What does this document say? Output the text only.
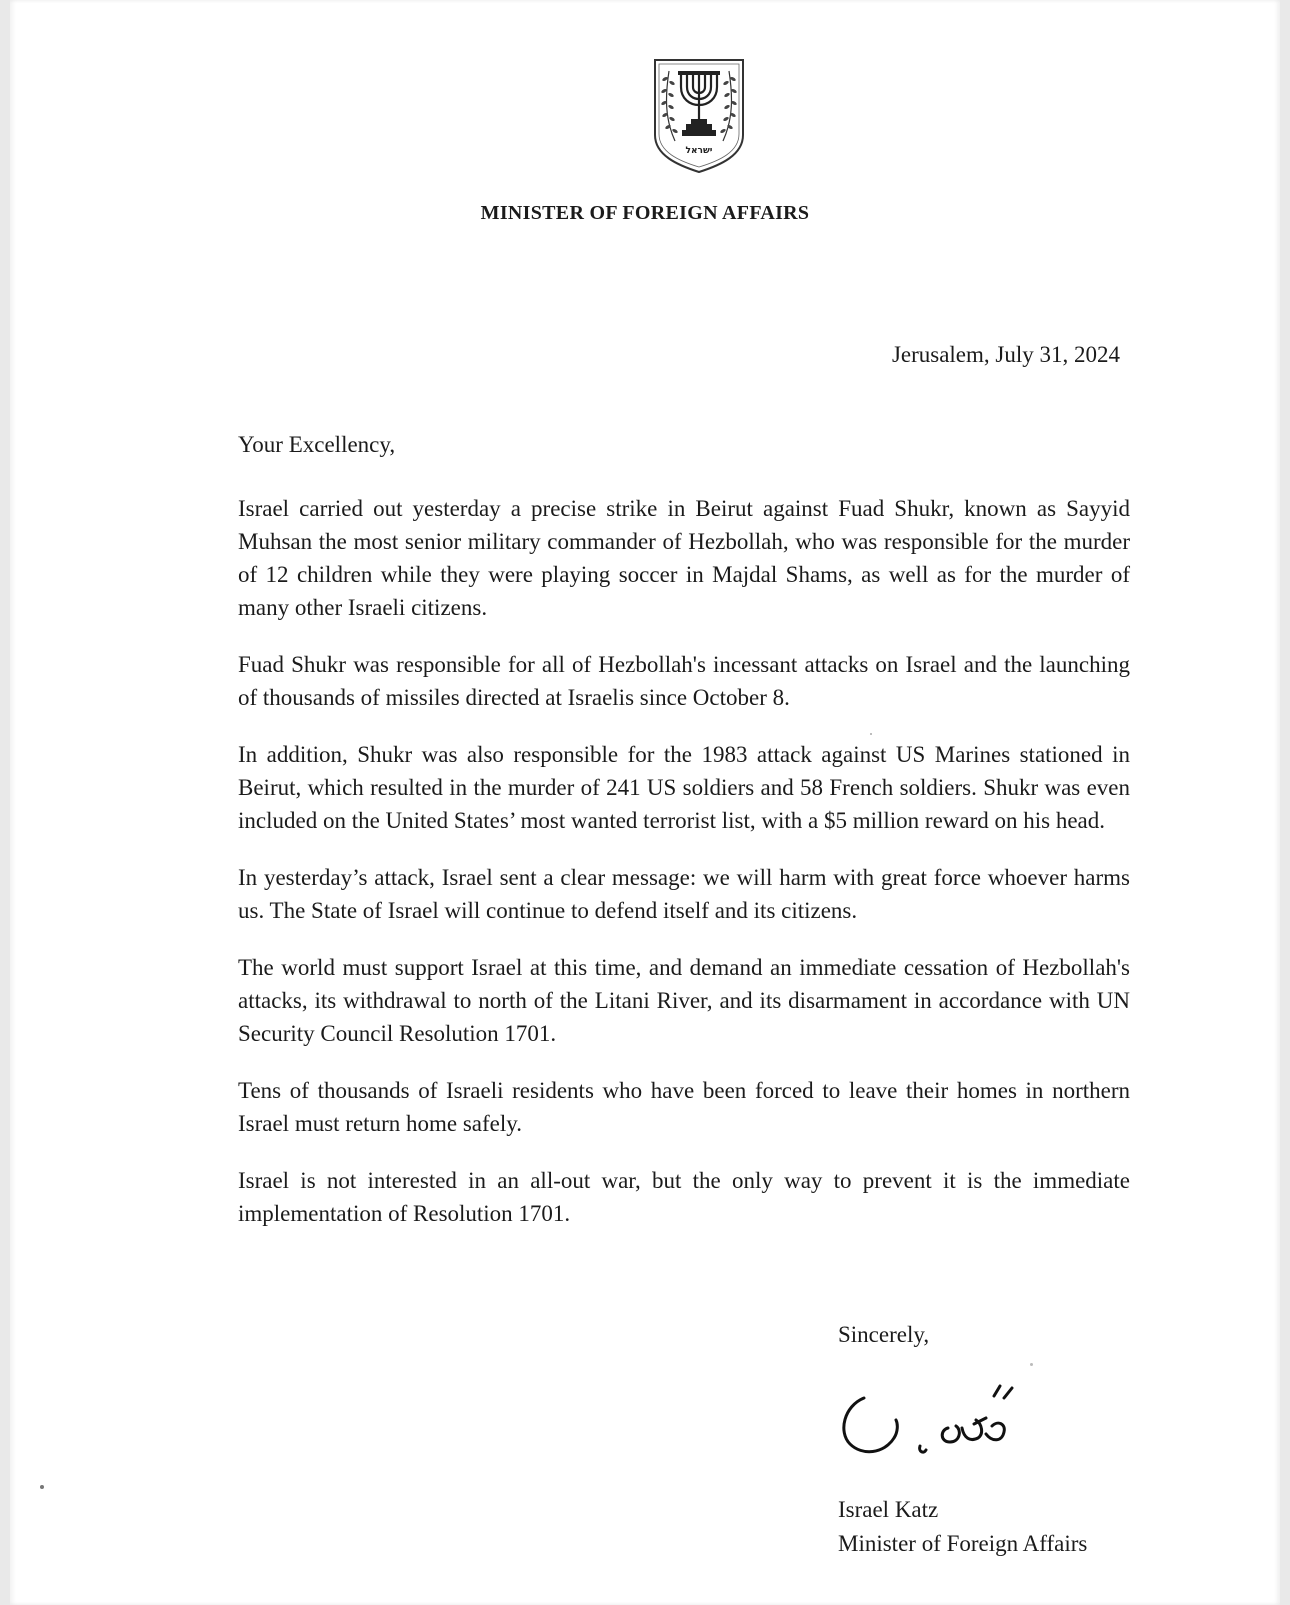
ישראל
MINISTER OF FOREIGN AFFAIRS
Jerusalem, July 31, 2024
Your Excellency,

Israel carried out yesterday a precise strike in Beirut against Fuad Shukr, known as Sayyid Muhsan the most senior military commander of Hezbollah, who was responsible for the murder of 12 children while they were playing soccer in Majdal Shams, as well as for the murder of many other Israeli citizens.

Fuad Shukr was responsible for all of Hezbollah's incessant attacks on Israel and the launching of thousands of missiles directed at Israelis since October 8.

In addition, Shukr was also responsible for the 1983 attack against US Marines stationed in Beirut, which resulted in the murder of 241 US soldiers and 58 French soldiers. Shukr was even included on the United States’ most wanted terrorist list, with a $5 million reward on his head.

In yesterday’s attack, Israel sent a clear message: we will harm with great force whoever harms us. The State of Israel will continue to defend itself and its citizens.

The world must support Israel at this time, and demand an immediate cessation of Hezbollah's attacks, its withdrawal to north of the Litani River, and its disarmament in accordance with UN Security Council Resolution 1701.

Tens of thousands of Israeli residents who have been forced to leave their homes in northern Israel must return home safely.

Israel is not interested in an all-out war, but the only way to prevent it is the immediate implementation of Resolution 1701.

Sincerely,
Israel Katz
Minister of Foreign Affairs
